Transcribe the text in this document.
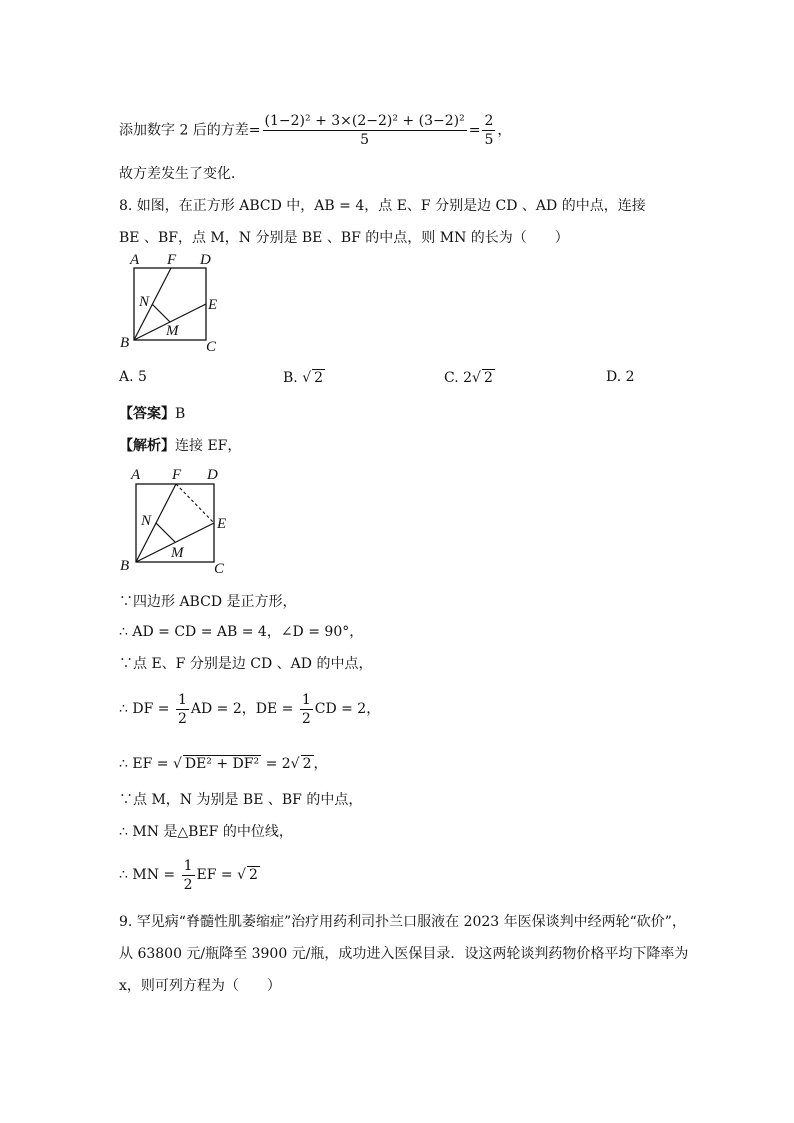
添加数字 2 后的方差= $\frac{\text{(1−2)² + 3×(2−2)² + (3−2)²}}{5} = \frac{2}{5}$ ，
故方差发生了变化．
8. 如图，在正方形 ABCD 中，AB = 4，点 E、F 分别是边 CD 、AD 的中点，连接
BE 、BF，点 M，N 分别是 BE 、BF 的中点，则 MN 的长为（　　）
A F D
N	E
M
B	C
A. 5	B. √ 2	C. 2√ 2	D. 2
【答案】B
【解析】连接 EF，
A F D
N	E
M
B	C
∵四边形 ABCD 是正方形，
∴ AD = CD = AB = 4，∠D = 90°，
∵点 E、F 分别是边 CD 、AD 的中点，
∴ DF = $\frac{1}{2}$ AD = 2，DE = $\frac{1}{2}$ CD = 2，
∴ EF = √ DE² + DF² = 2√ 2 ，
∵点 M，N 为别是 BE 、BF 的中点，
∴ MN 是△BEF 的中位线，
∴ MN = $\frac{1}{2}$ EF = √ 2
9. 罕见病“脊髓性肌萎缩症”治疗用药利司扑兰口服液在 2023 年医保谈判中经两轮“砍价”，
从 63800 元/瓶降至 3900 元/瓶，成功进入医保目录．设这两轮谈判药物价格平均下降率为
x，则可列方程为（　　）
